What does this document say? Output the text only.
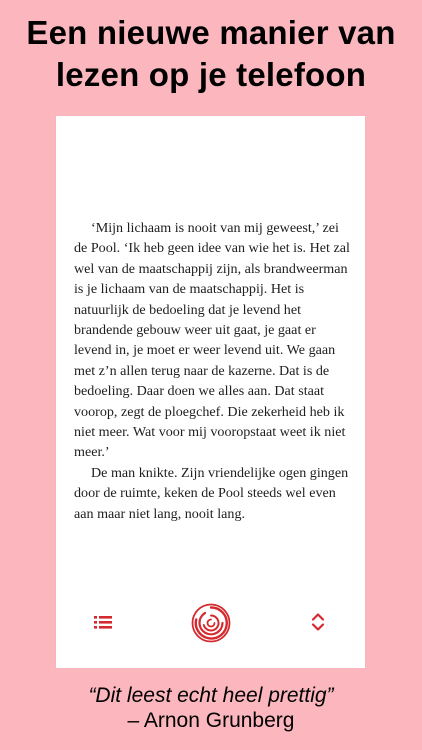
Een nieuwe manier van
lezen op je telefoon

‘Mijn lichaam is nooit van mij geweest,’ zei de Pool. ‘Ik heb geen idee van wie het is. Het zal wel van de maatschappij zijn, als brandweerman is je lichaam van de maatschappij. Het is natuurlijk de bedoeling dat je levend het brandende gebouw weer uit gaat, je gaat er levend in, je moet er weer levend uit. We gaan met z’n allen terug naar de kazerne. Dat is de bedoeling. Daar doen we alles aan. Dat staat voorop, zegt de ploegchef. Die zekerheid heb ik niet meer. Wat voor mij vooropstaat weet ik niet meer.’

De man knikte. Zijn vriendelijke ogen gingen door de ruimte, keken de Pool steeds wel even aan maar niet lang, nooit lang.

“Dit leest echt heel prettig”
– Arnon Grunberg
